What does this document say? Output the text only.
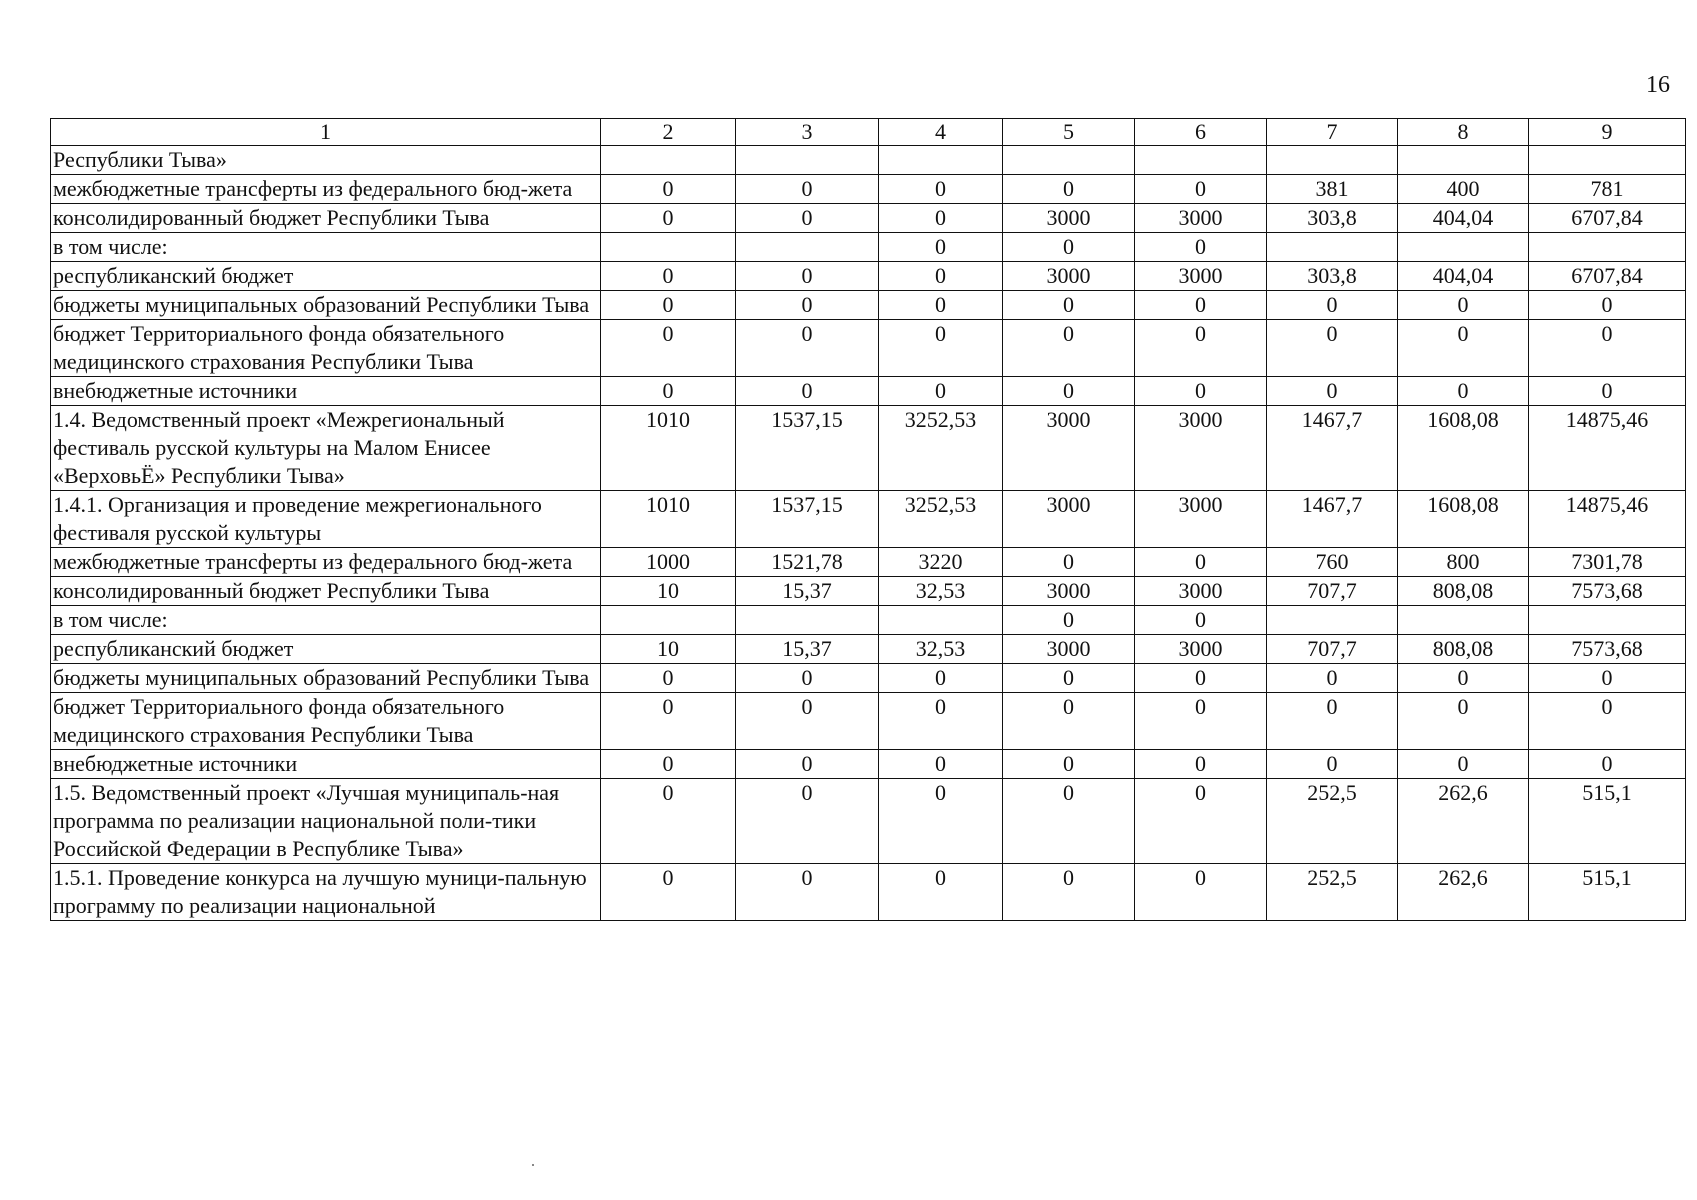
16
1	2	3	4	5	6	7	8	9
Республики Тыва»								
межбюджетные трансферты из федерального бюд-жета	0	0	0	0	0	381	400	781
консолидированный бюджет Республики Тыва	0	0	0	3000	3000	303,8	404,04	6707,84
в том числе:			0	0	0			
республиканский бюджет	0	0	0	3000	3000	303,8	404,04	6707,84
бюджеты муниципальных образований Республики Тыва	0	0	0	0	0	0	0	0
бюджет Территориального фонда обязательного медицинского страхования Республики Тыва	0	0	0	0	0	0	0	0
внебюджетные источники	0	0	0	0	0	0	0	0
1.4. Ведомственный проект «Межрегиональный фестиваль русской культуры на Малом Енисее «ВерховьЁ» Республики Тыва»	1010	1537,15	3252,53	3000	3000	1467,7	1608,08	14875,46
1.4.1. Организация и проведение межрегионального фестиваля русской культуры	1010	1537,15	3252,53	3000	3000	1467,7	1608,08	14875,46
межбюджетные трансферты из федерального бюд-жета	1000	1521,78	3220	0	0	760	800	7301,78
консолидированный бюджет Республики Тыва	10	15,37	32,53	3000	3000	707,7	808,08	7573,68
в том числе:				0	0			
республиканский бюджет	10	15,37	32,53	3000	3000	707,7	808,08	7573,68
бюджеты муниципальных образований Республики Тыва	0	0	0	0	0	0	0	0
бюджет Территориального фонда обязательного медицинского страхования Республики Тыва	0	0	0	0	0	0	0	0
внебюджетные источники	0	0	0	0	0	0	0	0
1.5. Ведомственный проект «Лучшая муниципаль-ная программа по реализации национальной поли-тики Российской Федерации в Республике Тыва»	0	0	0	0	0	252,5	262,6	515,1
1.5.1. Проведение конкурса на лучшую муници-пальную программу по реализации национальной	0	0	0	0	0	252,5	262,6	515,1
